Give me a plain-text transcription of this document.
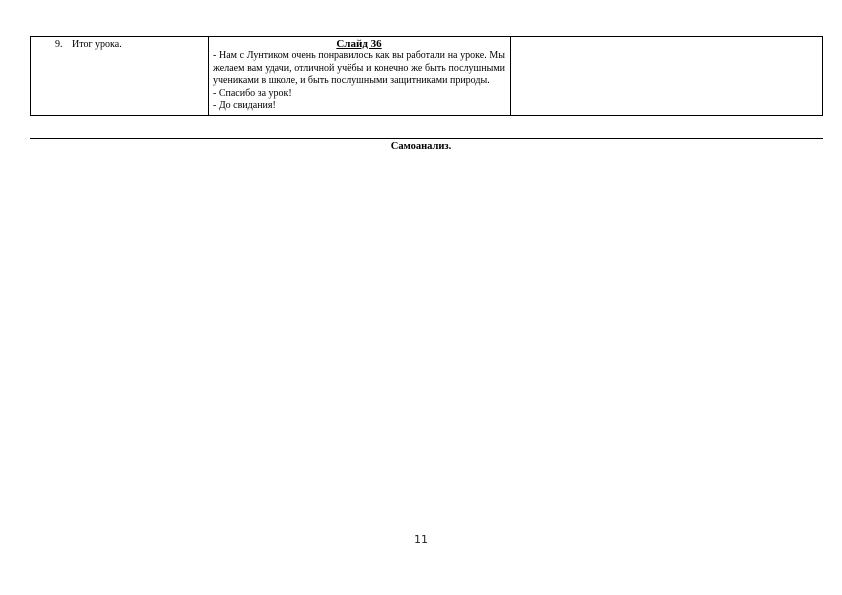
9. Итог урока.	Слайд 36
- Нам с Лунтиком очень понравилось как вы работали на уроке. Мы желаем вам удачи, отличной учёбы и конечно же быть послушными учениками в школе, и быть послушными защитниками природы.
- Спасибо за урок!
- До свидания!

Самоанализ.
11
